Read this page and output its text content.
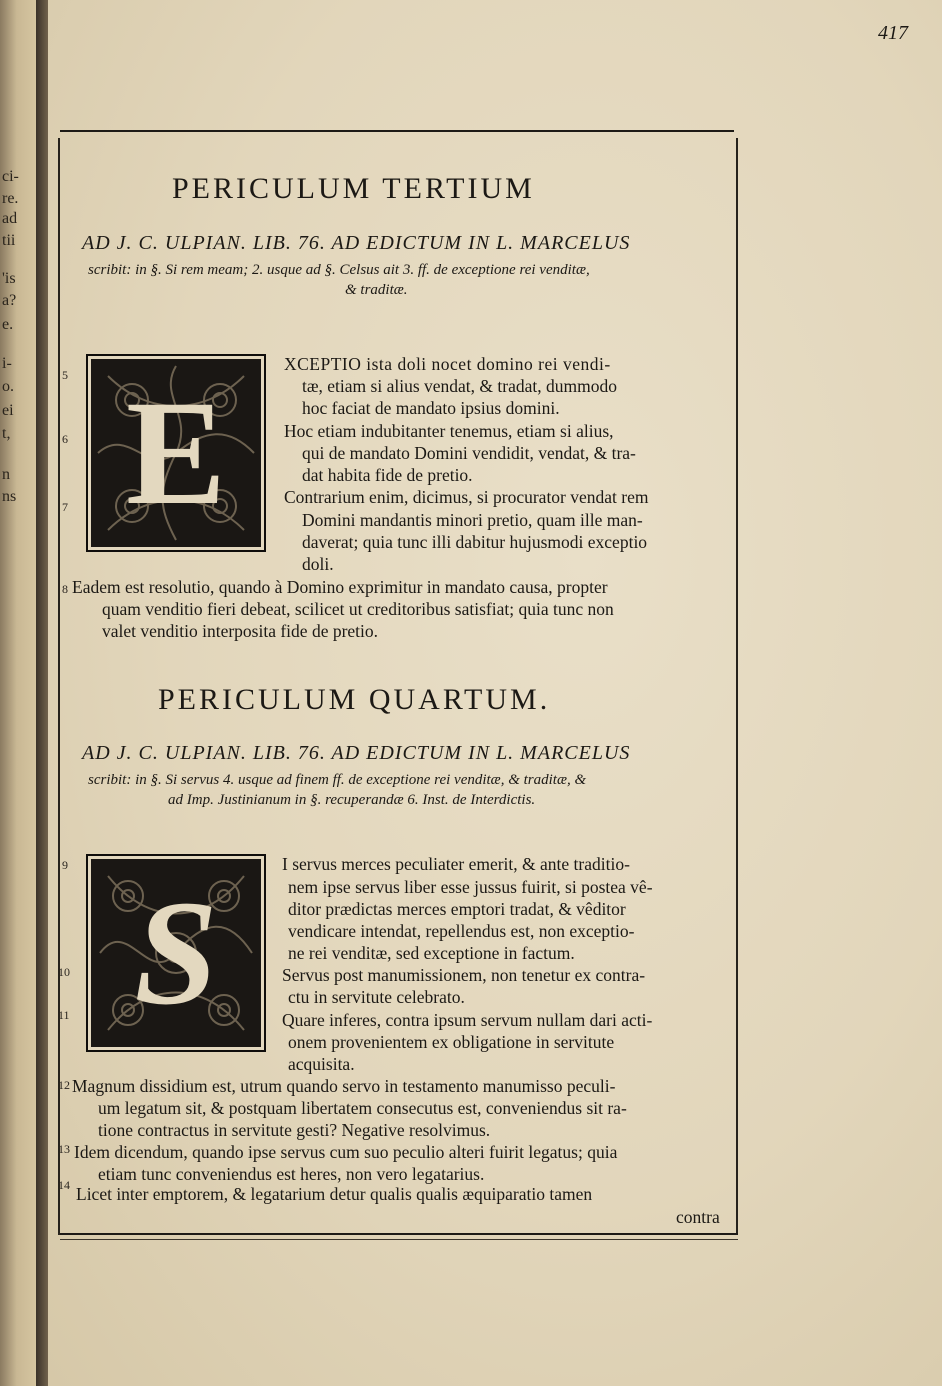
ci-
re.
ad
tii
'is
a?
e.
i-
o.
ei
t,
n
ns
417
PERICULUM TERTIUM
AD J. C. ULPIAN. LIB. 76. AD EDICTUM IN L. MARCELUS
scribit: in §. Si rem meam; 2. usque ad §. Celsus ait 3. ff. de exceptione rei venditæ,
& traditæ.
E
5
XCEPTIO ista doli nocet domino rei vendi-
tæ, etiam si alius vendat, & tradat, dummodo
hoc faciat de mandato ipsius domini.
6	Hoc etiam indubitanter tenemus, etiam si alius,
qui de mandato Domini vendidit, vendat, & tra-
dat habita fide de pretio.
7	Contrarium enim, dicimus, si procurator vendat rem
Domini mandantis minori pretio, quam ille man-
daverat; quia tunc illi dabitur hujusmodi exceptio
doli.
8 Eadem est resolutio, quando à Domino exprimitur in mandato causa, propter
quam venditio fieri debeat, scilicet ut creditoribus satisfiat; quia tunc non
valet venditio interposita fide de pretio.
PERICULUM QUARTUM.
AD J. C. ULPIAN. LIB. 76. AD EDICTUM IN L. MARCELUS
scribit: in §. Si servus 4. usque ad finem ff. de exceptione rei venditæ, & traditæ, &
ad Imp. Justinianum in §. recuperandæ 6. Inst. de Interdictis.
S
9	I servus merces peculiater emerit, & ante traditio-
nem ipse servus liber esse jussus fuirit, si postea vê-
ditor prædictas merces emptori tradat, & vêditor
vendicare intendat, repellendus est, non exceptio-
ne rei venditæ, sed exceptione in factum.
10	Servus post manumissionem, non tenetur ex contra-
ctu in servitute celebrato.
11	Quare inferes, contra ipsum servum nullam dari acti-
onem provenientem ex obligatione in servitute
acquisita.
12 Magnum dissidium est, utrum quando servo in testamento manumisso peculi-
um legatum sit, & postquam libertatem consecutus est, conveniendus sit ra-
tione contractus in servitute gesti? Negative resolvimus.
13 Idem dicendum, quando ipse servus cum suo peculio alteri fuirit legatus; quia
etiam tunc conveniendus est heres, non vero legatarius.
14 Licet inter emptorem, & legatarium detur qualis qualis æquiparatio tamen
contra
